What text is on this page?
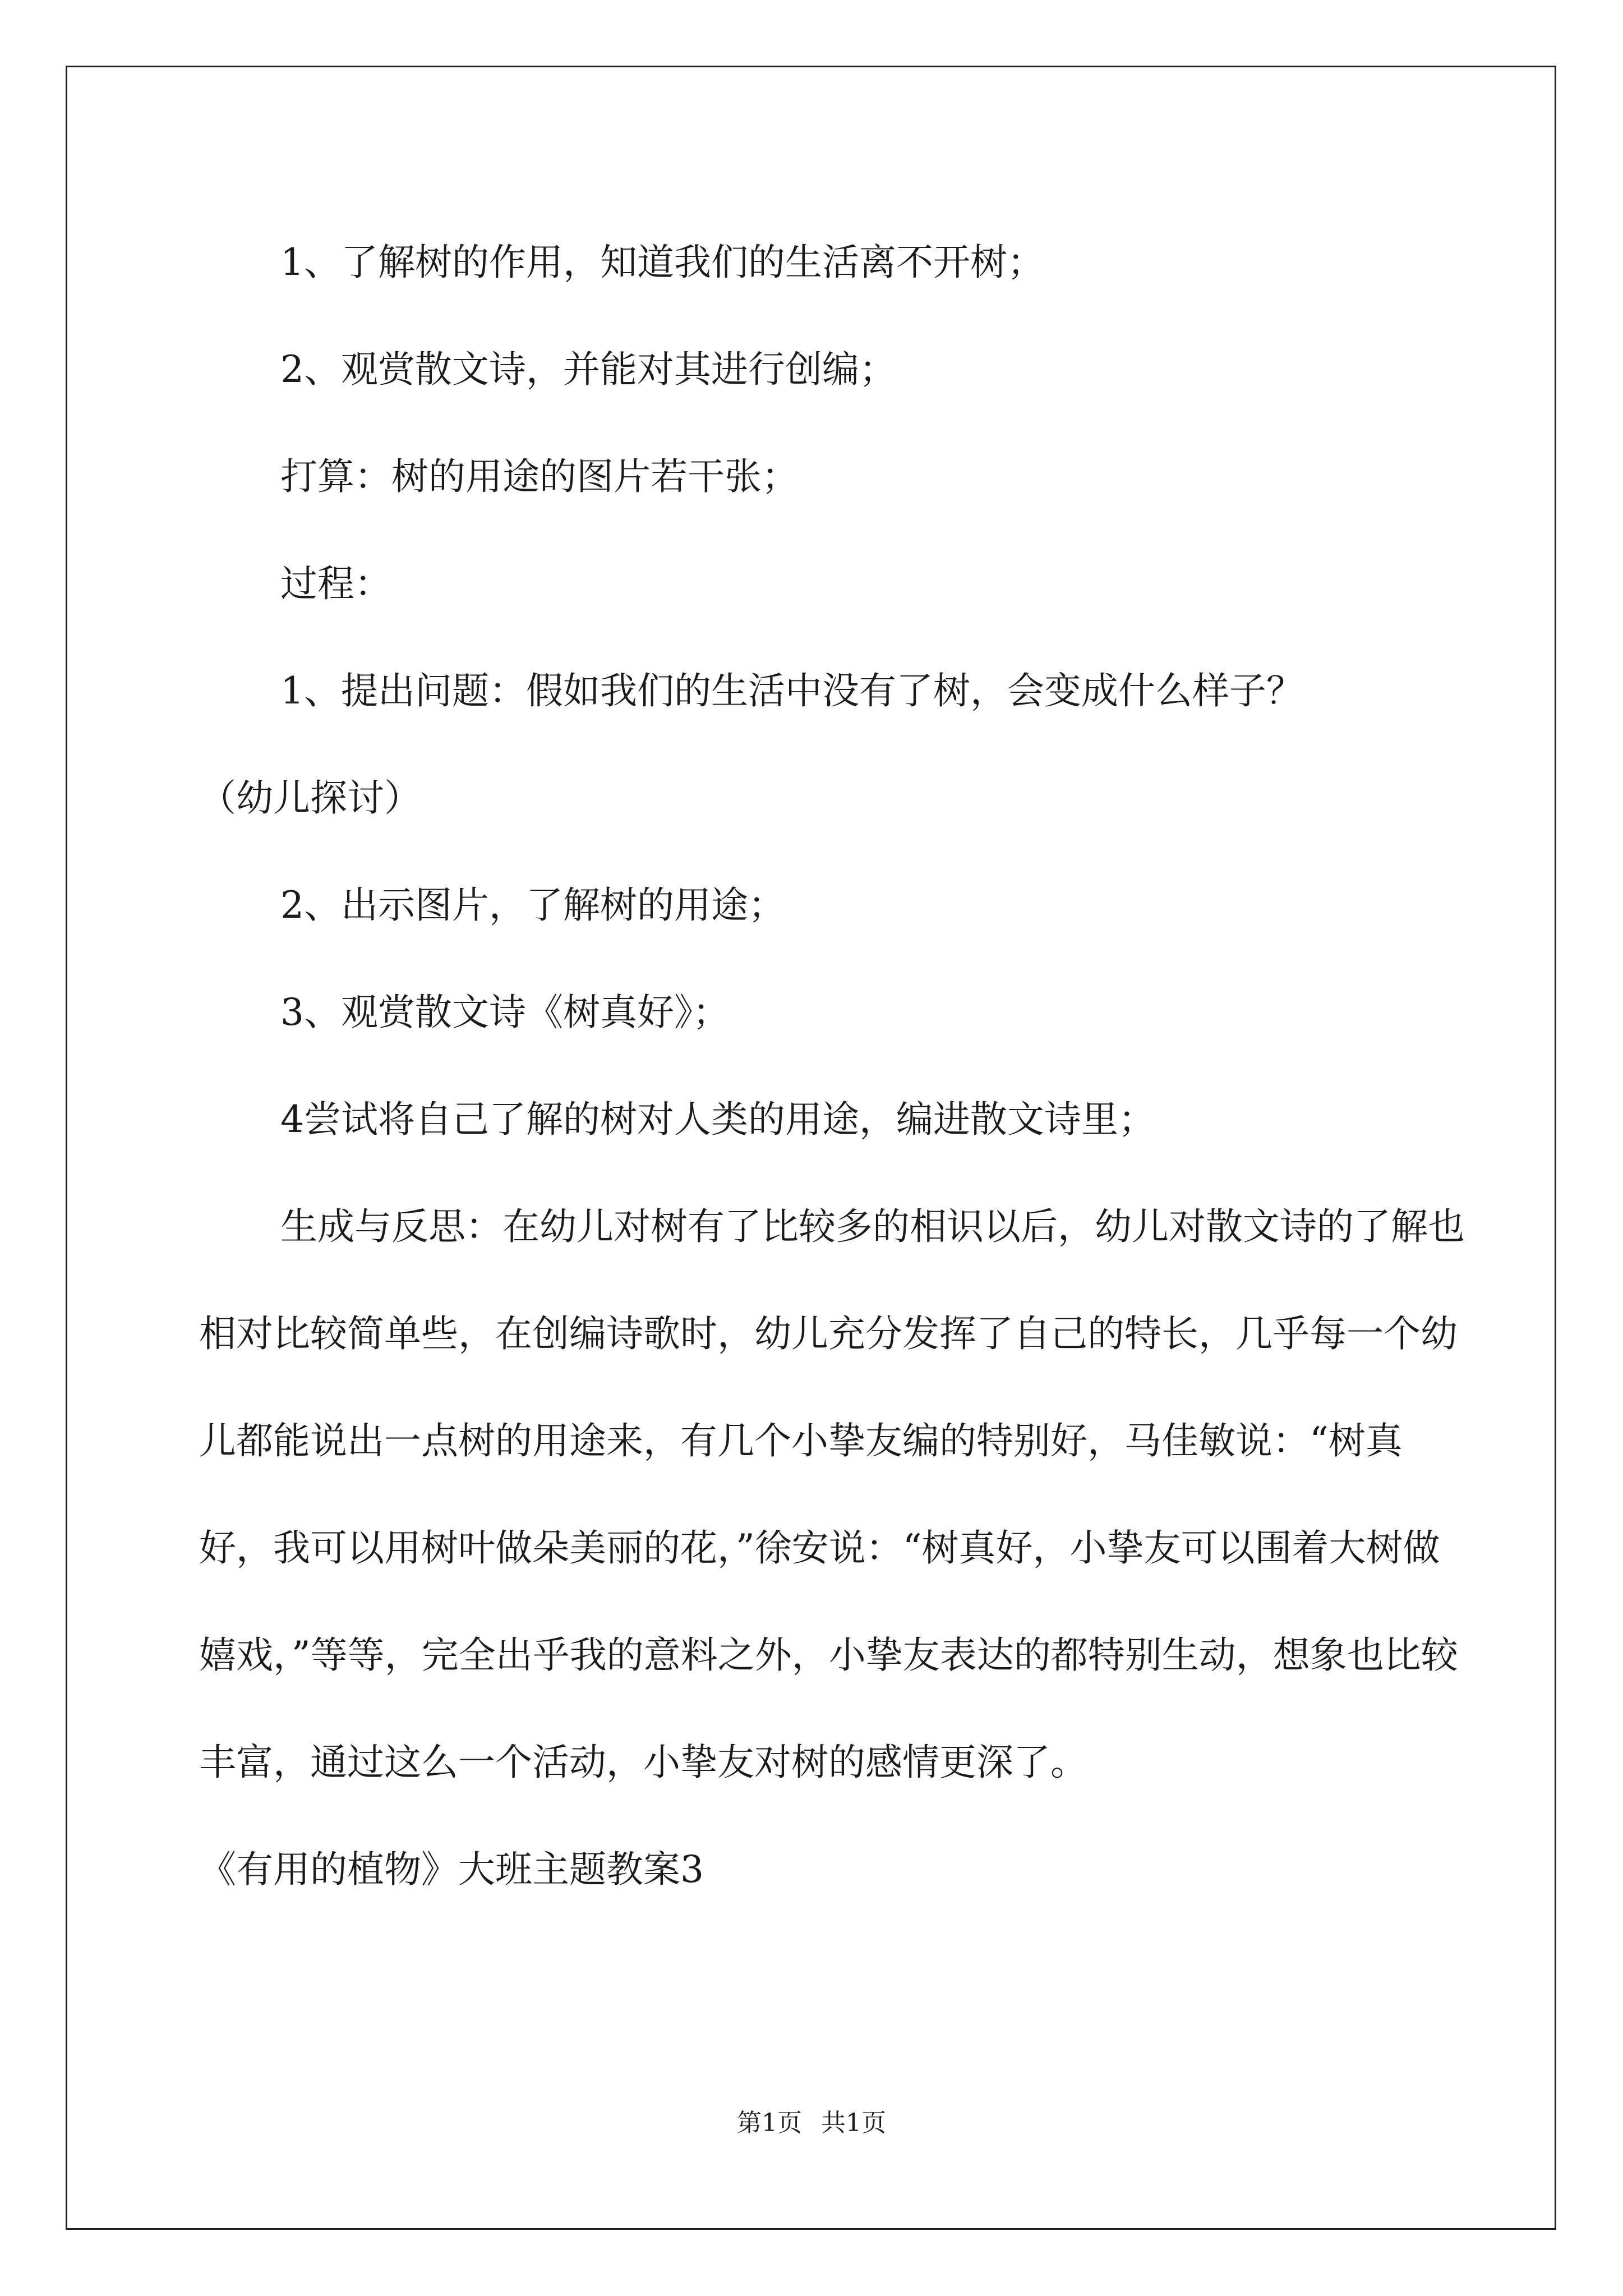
1、了解树的作用，知道我们的生活离不开树；

2、观赏散文诗，并能对其进行创编；

打算：树的用途的图片若干张；

过程：

1、提出问题：假如我们的生活中没有了树，会变成什么样子？

（幼儿探讨）

2、出示图片，了解树的用途；

3、观赏散文诗《树真好》；

4尝试将自己了解的树对人类的用途，编进散文诗里；

生成与反思：在幼儿对树有了比较多的相识以后，幼儿对散文诗的了解也相对比较简单些，在创编诗歌时，幼儿充分发挥了自己的特长，几乎每一个幼儿都能说出一点树的用途来，有几个小挚友编的特别好，马佳敏说：“树真好，我可以用树叶做朵美丽的花，”徐安说：“树真好，小挚友可以围着大树做嬉戏，”等等，完全出乎我的意料之外，小挚友表达的都特别生动，想象也比较丰富，通过这么一个活动，小挚友对树的感情更深了。

《有用的植物》大班主题教案3

第1页 共1页
